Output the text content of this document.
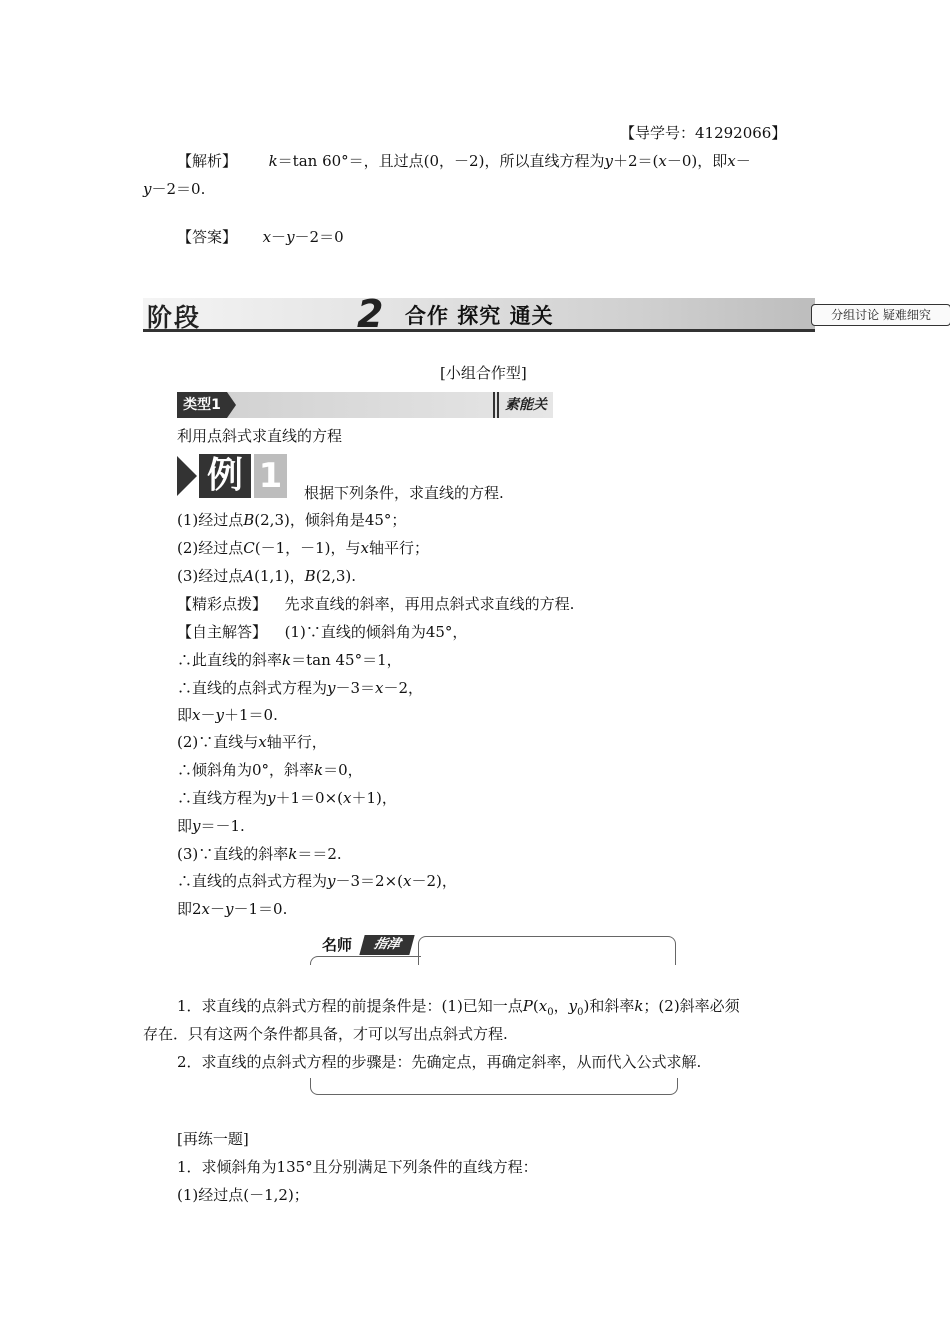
【导学号：41292066】
【解析】 k＝tan 60°＝，且过点(0，－2)，所以直线方程为y＋2＝(x－0)，即x－
y－2＝0.
【答案】 x－y－2＝0
阶段	2 合作 探究 通关	分组讨论 疑难细究
[小组合作型]
类型1	素能关
利用点斜式求直线的方程
例 1	根据下列条件，求直线的方程.
(1)经过点B(2,3)，倾斜角是45°；
(2)经过点C(－1，－1)，与x轴平行；
(3)经过点A(1,1)，B(2,3).
【精彩点拨】 先求直线的斜率，再用点斜式求直线的方程.
【自主解答】 (1)∵直线的倾斜角为45°，
∴此直线的斜率k＝tan 45°＝1，
∴直线的点斜式方程为y－3＝x－2，
即x－y＋1＝0.
(2)∵直线与x轴平行，
∴倾斜角为0°，斜率k＝0，
∴直线方程为y＋1＝0×(x＋1)，
即y＝－1.
(3)∵直线的斜率k＝＝2.
∴直线的点斜式方程为y－3＝2×(x－2)，
即2x－y－1＝0.
名师	指津
1．求直线的点斜式方程的前提条件是：(1)已知一点$P(x_0$，$y_0$)和斜率k；(2)斜率必须
存在．只有这两个条件都具备，才可以写出点斜式方程.
2．求直线的点斜式方程的步骤是：先确定点，再确定斜率，从而代入公式求解.
[再练一题]
1．求倾斜角为135°且分别满足下列条件的直线方程：
(1)经过点(－1,2)；
